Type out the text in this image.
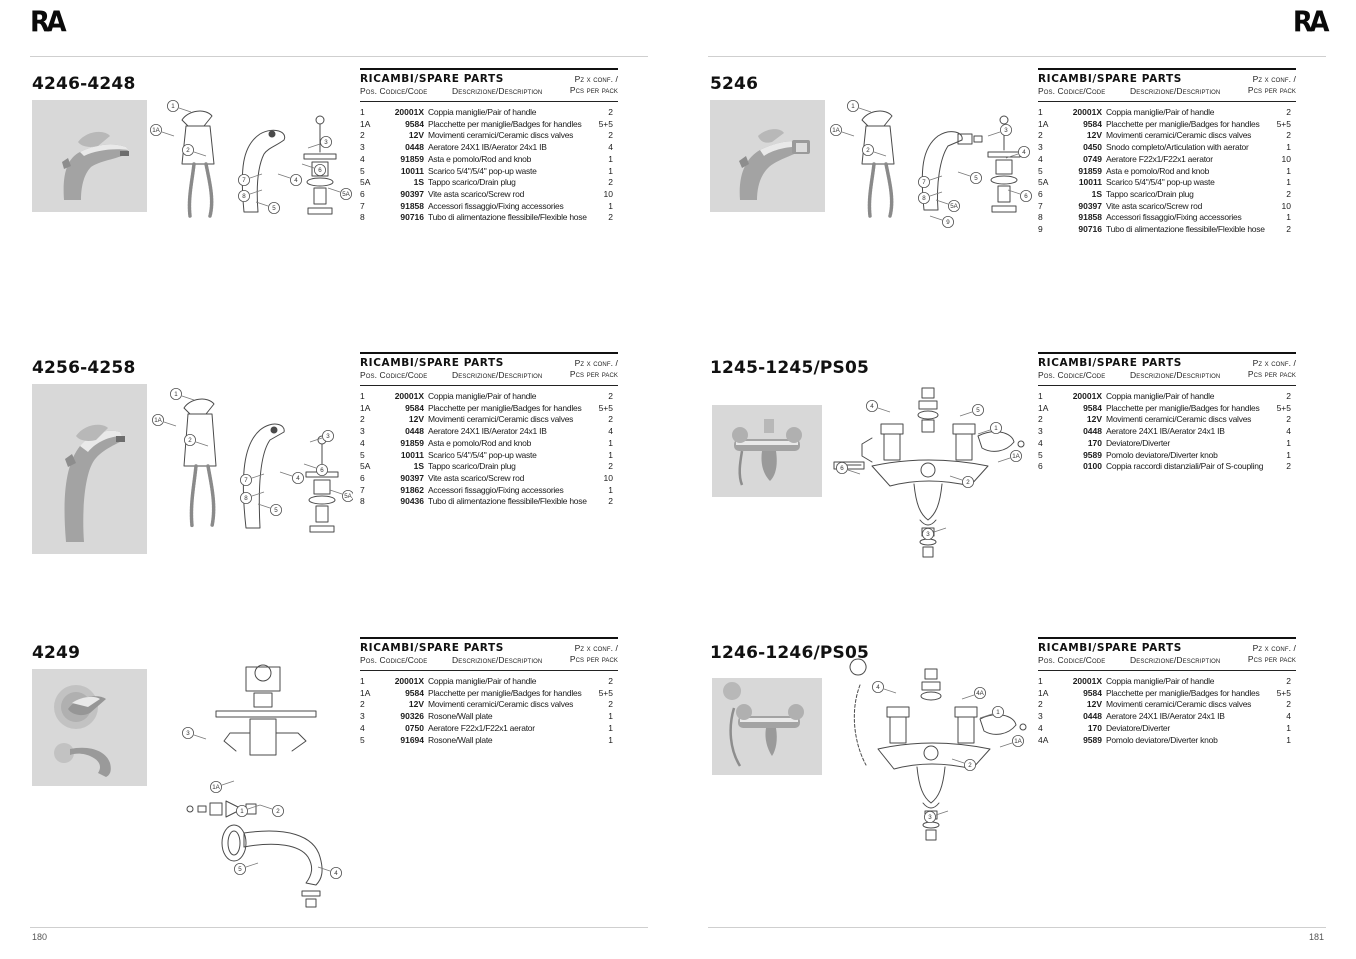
RA	RA
180	181
4246-4248
1
1A
2
3
4
5
5A
6
7
8
RICAMBI/SPARE PARTS
Pos. Codice/Code	Descrizione/Description
Pz x conf. /
Pcs per pack
1	20001X Coppia maniglie/Pair of handle	2
1A	9584 Placchette per maniglie/Badges for handles	5+5
2	12V Movimenti ceramici/Ceramic discs valves	2
3	0448 Aeratore 24X1 IB/Aerator 24x1 IB	4
4	91859 Asta e pomolo/Rod and knob	1
5	10011 Scarico 5/4"/5/4" pop-up waste	1
5A	1S Tappo scarico/Drain plug	2
6	90397 Vite asta scarico/Screw rod	10
7	91858 Accessori fissaggio/Fixing accessories	1
8	90716 Tubo di alimentazione flessibile/Flexible hose	2
5246
1
1A
2
3
4
5
5A
6
7
8
9
RICAMBI/SPARE PARTS
Pos. Codice/Code	Descrizione/Description
Pz x conf. /
Pcs per pack
1	20001X Coppia maniglie/Pair of handle	2
1A	9584 Placchette per maniglie/Badges for handles	5+5
2	12V Movimenti ceramici/Ceramic discs valves	2
3	0450 Snodo completo/Articulation with aerator	1
4	0749 Aeratore F22x1/F22x1 aerator	10
5	91859 Asta e pomolo/Rod and knob	1
5A	10011 Scarico 5/4"/5/4" pop-up waste	1
6	1S Tappo scarico/Drain plug	2
7	90397 Vite asta scarico/Screw rod	10
8	91858 Accessori fissaggio/Fixing accessories	1
9	90716 Tubo di alimentazione flessibile/Flexible hose	2
4256-4258
1
1A
2
3
4
5
5A
6
7
8
RICAMBI/SPARE PARTS
Pos. Codice/Code	Descrizione/Description
Pz x conf. /
Pcs per pack
1	20001X Coppia maniglie/Pair of handle	2
1A	9584 Placchette per maniglie/Badges for handles	5+5
2	12V Movimenti ceramici/Ceramic discs valves	2
3	0448 Aeratore 24X1 IB/Aerator 24x1 IB	4
4	91859 Asta e pomolo/Rod and knob	1
5	10011 Scarico 5/4"/5/4" pop-up waste	1
5A	1S Tappo scarico/Drain plug	2
6	90397 Vite asta scarico/Screw rod	10
7	91862 Accessori fissaggio/Fixing accessories	1
8	90436 Tubo di alimentazione flessibile/Flexible hose	2
1245-1245/PS05
1
1A
2
3
4
5
6
RICAMBI/SPARE PARTS
Pos. Codice/Code	Descrizione/Description
Pz x conf. /
Pcs per pack
1	20001X Coppia maniglie/Pair of handle	2
1A	9584 Placchette per maniglie/Badges for handles	5+5
2	12V Movimenti ceramici/Ceramic discs valves	2
3	0448 Aeratore 24X1 IB/Aerator 24x1 IB	4
4	170 Deviatore/Diverter	1
5	9589 Pomolo deviatore/Diverter knob	1
6	0100 Coppia raccordi distanziali/Pair of S-coupling	2
4249
1
1A
2
3
4
5
RICAMBI/SPARE PARTS
Pos. Codice/Code	Descrizione/Description
Pz x conf. /
Pcs per pack
1	20001X Coppia maniglie/Pair of handle	2
1A	9584 Placchette per maniglie/Badges for handles	5+5
2	12V Movimenti ceramici/Ceramic discs valves	2
3	90326 Rosone/Wall plate	1
4	0750 Aeratore F22x1/F22x1 aerator	1
5	91694 Rosone/Wall plate	1
1246-1246/PS05
1
1A
2
3
4
4A
RICAMBI/SPARE PARTS
Pos. Codice/Code	Descrizione/Description
Pz x conf. /
Pcs per pack
1	20001X Coppia maniglie/Pair of handle	2
1A	9584 Placchette per maniglie/Badges for handles	5+5
2	12V Movimenti ceramici/Ceramic discs valves	2
3	0448 Aeratore 24X1 IB/Aerator 24x1 IB	4
4	170 Deviatore/Diverter	1
4A	9589 Pomolo deviatore/Diverter knob	1
